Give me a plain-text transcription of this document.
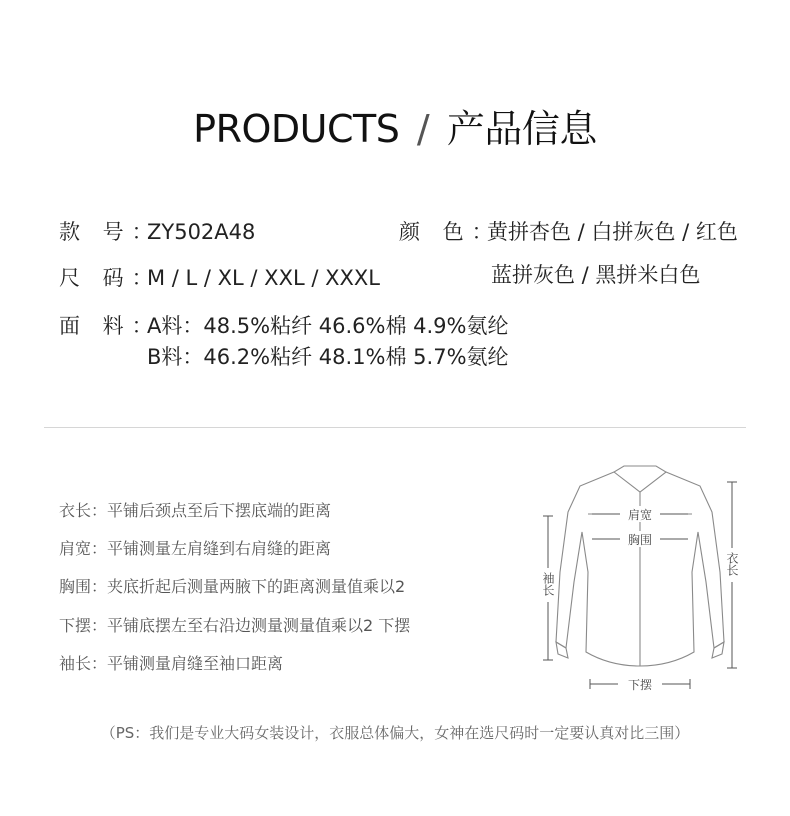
PRODUCTS / 产品信息
款 号：ZY502A48
尺 码：M / L / XL / XXL / XXXL
面 料：A料：48.5%粘纤 46.6%棉 4.9%氨纶
B料：46.2%粘纤 48.1%棉 5.7%氨纶
颜 色：黄拼杏色 / 白拼灰色 / 红色
蓝拼灰色 / 黑拼米白色
衣长：平铺后颈点至后下摆底端的距离
肩宽：平铺测量左肩缝到右肩缝的距离
胸围：夹底折起后测量两腋下的距离测量值乘以2
下摆：平铺底摆左至右沿边测量测量值乘以2 下摆
袖长：平铺测量肩缝至袖口距离
肩宽
胸围
下摆
袖长
衣长
（PS：我们是专业大码女装设计，衣服总体偏大，女神在选尺码时一定要认真对比三围）
